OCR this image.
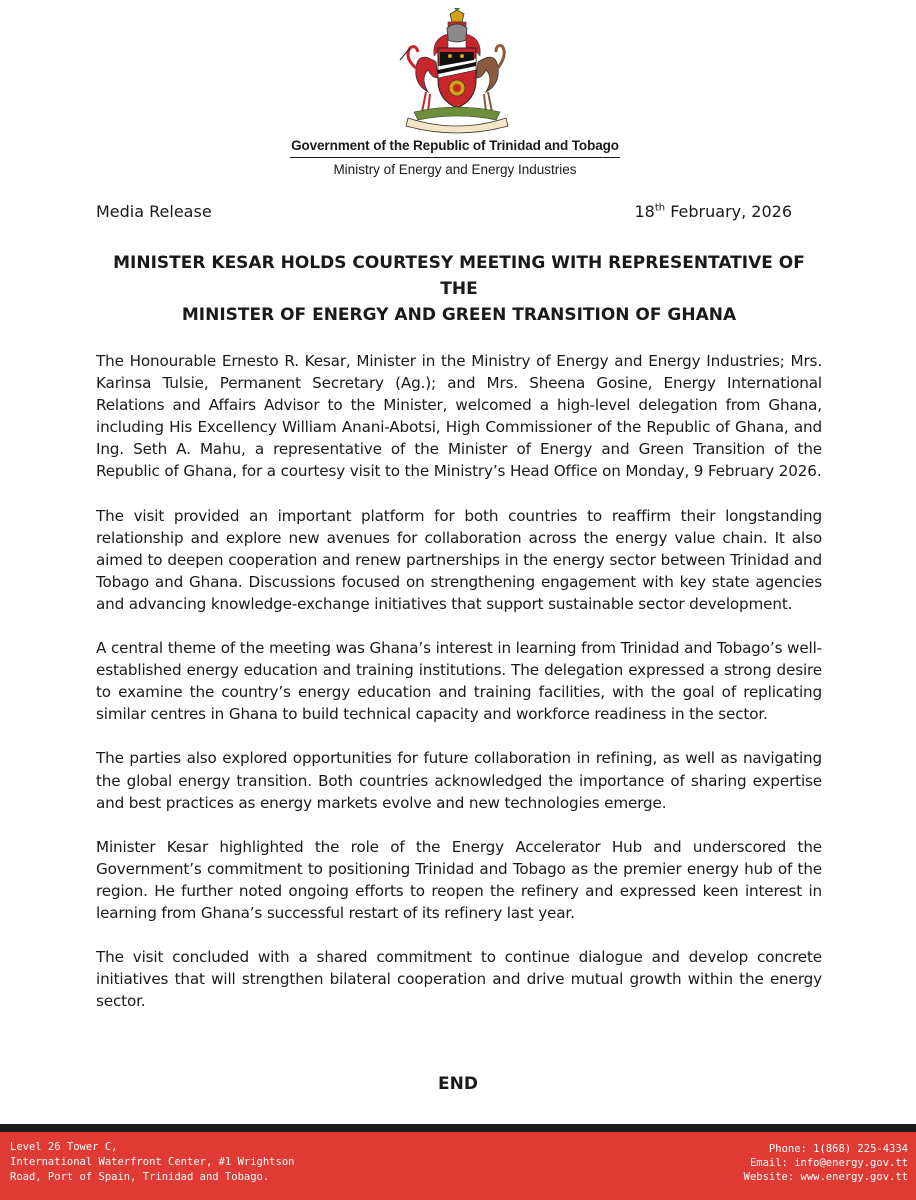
Government of the Republic of Trinidad and Tobago
Ministry of Energy and Energy Industries
Media Release	18th February, 2026
MINISTER KESAR HOLDS COURTESY MEETING WITH REPRESENTATIVE OF THE
MINISTER OF ENERGY AND GREEN TRANSITION OF GHANA

The Honourable Ernesto R. Kesar, Minister in the Ministry of Energy and Energy Industries; Mrs. Karinsa Tulsie, Permanent Secretary (Ag.); and Mrs. Sheena Gosine, Energy International Relations and Affairs Advisor to the Minister, welcomed a high-level delegation from Ghana, including His Excellency William Anani-Abotsi, High Commissioner of the Republic of Ghana, and Ing. Seth A. Mahu, a representative of the Minister of Energy and Green Transition of the Republic of Ghana, for a courtesy visit to the Ministry’s Head Office on Monday, 9 February 2026.

The visit provided an important platform for both countries to reaffirm their longstanding relationship and explore new avenues for collaboration across the energy value chain. It also aimed to deepen cooperation and renew partnerships in the energy sector between Trinidad and Tobago and Ghana. Discussions focused on strengthening engagement with key state agencies and advancing knowledge-exchange initiatives that support sustainable sector development.

A central theme of the meeting was Ghana’s interest in learning from Trinidad and Tobago’s well-established energy education and training institutions. The delegation expressed a strong desire to examine the country’s energy education and training facilities, with the goal of replicating similar centres in Ghana to build technical capacity and workforce readiness in the sector.

The parties also explored opportunities for future collaboration in refining, as well as navigating the global energy transition. Both countries acknowledged the importance of sharing expertise and best practices as energy markets evolve and new technologies emerge.

Minister Kesar highlighted the role of the Energy Accelerator Hub and underscored the Government’s commitment to positioning Trinidad and Tobago as the premier energy hub of the region. He further noted ongoing efforts to reopen the refinery and expressed keen interest in learning from Ghana’s successful restart of its refinery last year.

The visit concluded with a shared commitment to continue dialogue and develop concrete initiatives that will strengthen bilateral cooperation and drive mutual growth within the energy sector.

END
Level 26 Tower C,
International Waterfront Center, #1 Wrightson
Road, Port of Spain, Trinidad and Tobago.
Phone: 1(868) 225-4334
Email: info@energy.gov.tt
Website: www.energy.gov.tt
